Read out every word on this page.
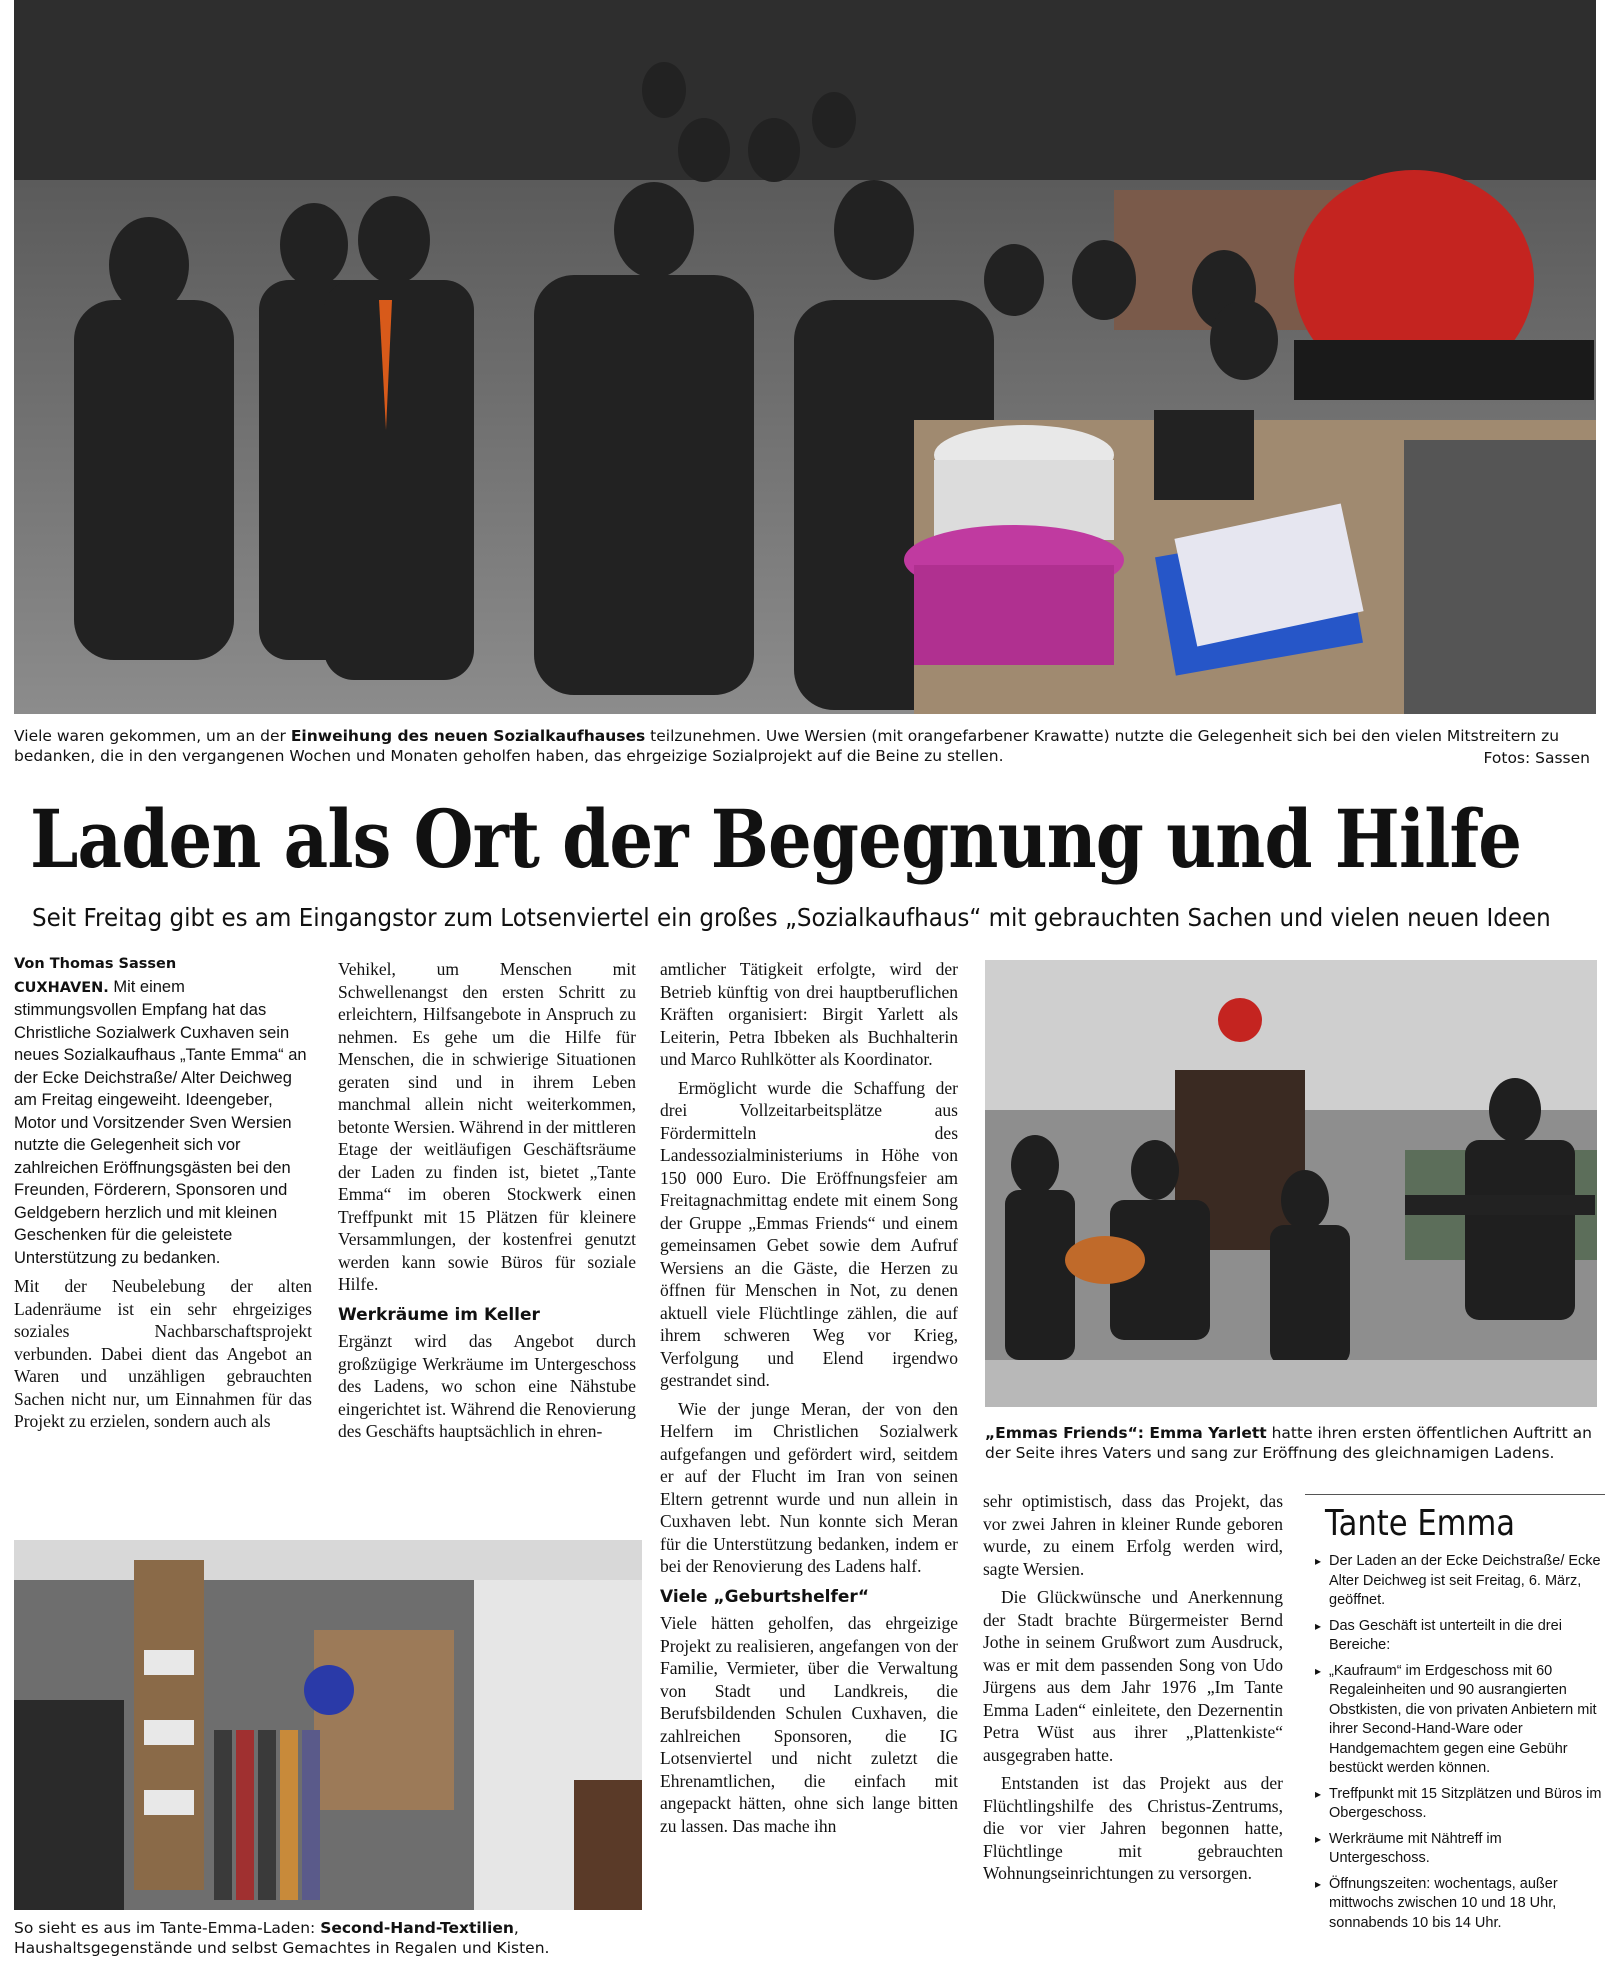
Viele waren gekommen, um an der Einweihung des neuen Sozialkaufhauses teilzunehmen. Uwe Wersien (mit orangefarbener Krawatte) nutzte die Gelegenheit sich bei den vielen Mitstreitern zu bedanken, die in den vergangenen Wochen und Monaten geholfen haben, das ehrgeizige Sozialprojekt auf die Beine zu stellen.	Fotos: Sassen
Laden als Ort der Begegnung und Hilfe
Seit Freitag gibt es am Eingangstor zum Lotsenviertel ein großes „Sozialkaufhaus“ mit gebrauchten Sachen und vielen neuen Ideen
Von Thomas Sassen

CUXHAVEN. Mit einem stimmungsvollen Empfang hat das Christliche Sozialwerk Cuxhaven sein neues Sozialkaufhaus „Tante Emma“ an der Ecke Deichstraße/ Alter Deichweg am Freitag eingeweiht. Ideengeber, Motor und Vorsitzender Sven Wersien nutzte die Gelegenheit sich vor zahlreichen Eröffnungsgästen bei den Freunden, Förderern, Sponsoren und Geldgebern herzlich und mit kleinen Geschenken für die geleistete Unterstützung zu bedanken.

Mit der Neubelebung der alten Ladenräume ist ein sehr ehrgeiziges soziales Nachbarschaftsprojekt verbunden. Dabei dient das Angebot an Waren und unzähligen gebrauchten Sachen nicht nur, um Einnahmen für das Projekt zu erzielen, sondern auch als

Vehikel, um Menschen mit Schwellenangst den ersten Schritt zu erleichtern, Hilfsangebote in Anspruch zu nehmen. Es gehe um die Hilfe für Menschen, die in schwierige Situationen geraten sind und in ihrem Leben manchmal allein nicht weiterkommen, betonte Wersien. Während in der mittleren Etage der weitläufigen Geschäftsräume der Laden zu finden ist, bietet „Tante Emma“ im oberen Stockwerk einen Treffpunkt mit 15 Plätzen für kleinere Versammlungen, der kostenfrei genutzt werden kann sowie Büros für soziale Hilfe.

Werkräume im Keller

Ergänzt wird das Angebot durch großzügige Werkräume im Untergeschoss des Ladens, wo schon eine Nähstube eingerichtet ist. Während die Renovierung des Geschäfts hauptsächlich in ehren-

amtlicher Tätigkeit erfolgte, wird der Betrieb künftig von drei hauptberuflichen Kräften organisiert: Birgit Yarlett als Leiterin, Petra Ibbeken als Buchhalterin und Marco Ruhlkötter als Koordinator.

Ermöglicht wurde die Schaffung der drei Vollzeitarbeitsplätze aus Fördermitteln des Landessozialministeriums in Höhe von 150 000 Euro. Die Eröffnungsfeier am Freitagnachmittag endete mit einem Song der Gruppe „Emmas Friends“ und einem gemeinsamen Gebet sowie dem Aufruf Wersiens an die Gäste, die Herzen zu öffnen für Menschen in Not, zu denen aktuell viele Flüchtlinge zählen, die auf ihrem schweren Weg vor Krieg, Verfolgung und Elend irgendwo gestrandet sind.

Wie der junge Meran, der von den Helfern im Christlichen Sozialwerk aufgefangen und gefördert wird, seitdem er auf der Flucht im Iran von seinen Eltern getrennt wurde und nun allein in Cuxhaven lebt. Nun konnte sich Meran für die Unterstützung bedanken, indem er bei der Renovierung des Ladens half.

Viele „Geburtshelfer“

Viele hätten geholfen, das ehrgeizige Projekt zu realisieren, angefangen von der Familie, Vermieter, über die Verwaltung von Stadt und Landkreis, die Berufsbildenden Schulen Cuxhaven, die zahlreichen Sponsoren, die IG Lotsenviertel und nicht zuletzt die Ehrenamtlichen, die einfach mit angepackt hätten, ohne sich lange bitten zu lassen. Das mache ihn

„Emmas Friends“: Emma Yarlett hatte ihren ersten öffentlichen Auftritt an der Seite ihres Vaters und sang zur Eröffnung des gleichnamigen Ladens.

sehr optimistisch, dass das Projekt, das vor zwei Jahren in kleiner Runde geboren wurde, zu einem Erfolg werden wird, sagte Wersien.

Die Glückwünsche und Anerkennung der Stadt brachte Bürgermeister Bernd Jothe in seinem Grußwort zum Ausdruck, was er mit dem passenden Song von Udo Jürgens aus dem Jahr 1976 „Im Tante Emma Laden“ einleitete, den Dezernentin Petra Wüst aus ihrer „Plattenkiste“ ausgegraben hatte.

Entstanden ist das Projekt aus der Flüchtlingshilfe des Christus-Zentrums, die vor vier Jahren begonnen hatte, Flüchtlinge mit gebrauchten Wohnungseinrichtungen zu versorgen.

So sieht es aus im Tante-Emma-Laden: Second-Hand-Textilien, Haushaltsgegenstände und selbst Gemachtes in Regalen und Kisten.
Tante Emma
▸ Der Laden an der Ecke Deichstraße/ Ecke Alter Deichweg ist seit Freitag, 6. März, geöffnet.
▸ Das Geschäft ist unterteilt in die drei Bereiche:
▸ „Kaufraum“ im Erdgeschoss mit 60 Regaleinheiten und 90 ausrangierten Obstkisten, die von privaten Anbietern mit ihrer Second-Hand-Ware oder Handgemachtem gegen eine Gebühr bestückt werden können.
▸ Treffpunkt mit 15 Sitzplätzen und Büros im Obergeschoss.
▸ Werkräume mit Nähtreff im Untergeschoss.
▸ Öffnungszeiten: wochentags, außer mittwochs zwischen 10 und 18 Uhr, sonnabends 10 bis 14 Uhr.
